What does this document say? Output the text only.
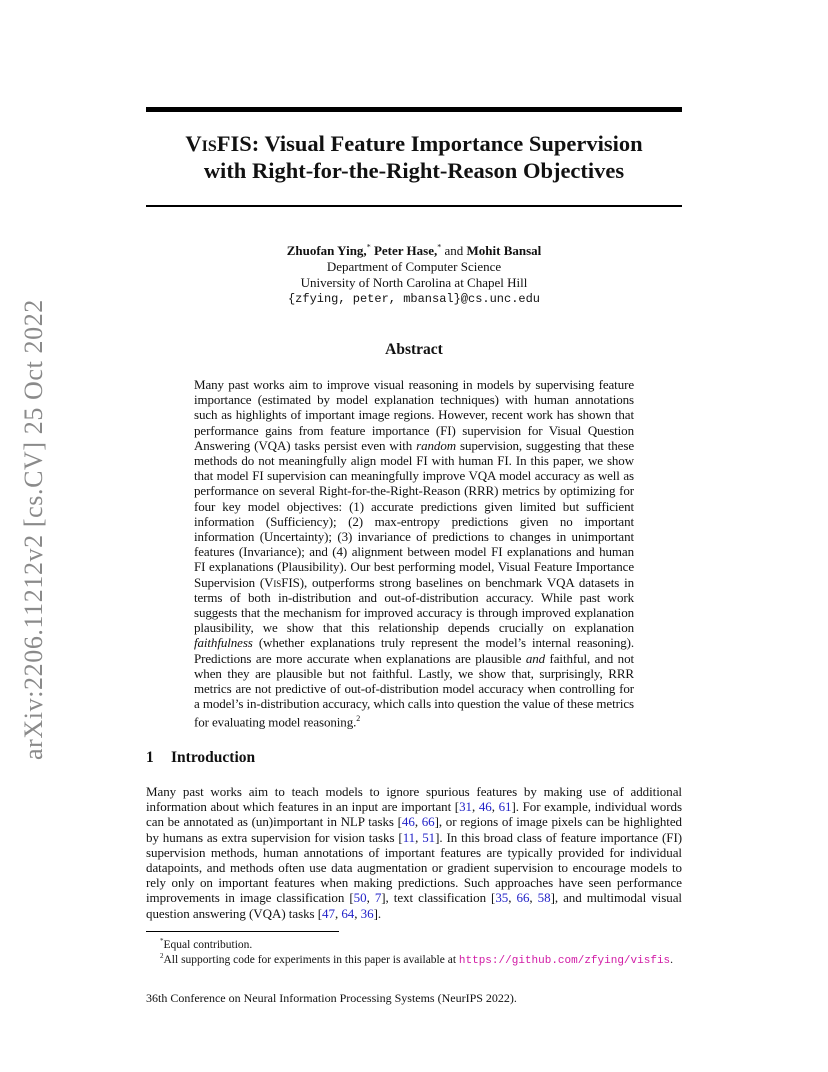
arXiv:2206.11212v2 [cs.CV] 25 Oct 2022
VisFIS: Visual Feature Importance Supervision
with Right-for-the-Right-Reason Objectives
Zhuofan Ying,* Peter Hase,* and Mohit Bansal
Department of Computer Science
University of North Carolina at Chapel Hill
{zfying, peter, mbansal}@cs.unc.edu
Abstract
Many past works aim to improve visual reasoning in models by supervising feature importance (estimated by model explanation techniques) with human annotations such as highlights of important image regions. However, recent work has shown that performance gains from feature importance (FI) supervision for Visual Question Answering (VQA) tasks persist even with random supervision, suggesting that these methods do not meaningfully align model FI with human FI. In this paper, we show that model FI supervision can meaningfully improve VQA model accuracy as well as performance on several Right-for-the-Right-Reason (RRR) metrics by optimizing for four key model objectives: (1) accurate predictions given limited but sufficient information (Sufficiency); (2) max-entropy predictions given no important information (Uncertainty); (3) invariance of predictions to changes in unimportant features (Invariance); and (4) alignment between model FI explanations and human FI explanations (Plausibility). Our best performing model, Visual Feature Importance Supervision (VisFIS), outperforms strong baselines on benchmark VQA datasets in terms of both in-distribution and out-of-distribution accuracy. While past work suggests that the mechanism for improved accuracy is through improved explanation plausibility, we show that this relationship depends crucially on explanation faithfulness (whether explanations truly represent the model’s internal reasoning). Predictions are more accurate when explanations are plausible and faithful, and not when they are plausible but not faithful. Lastly, we show that, surprisingly, RRR metrics are not predictive of out-of-distribution model accuracy when controlling for a model’s in-distribution accuracy, which calls into question the value of these metrics for evaluating model reasoning.$^2$
1 Introduction
Many past works aim to teach models to ignore spurious features by making use of additional information about which features in an input are important [31, 46, 61]. For example, individual words can be annotated as (un)important in NLP tasks [46, 66], or regions of image pixels can be highlighted by humans as extra supervision for vision tasks [11, 51]. In this broad class of feature importance (FI) supervision methods, human annotations of important features are typically provided for individual datapoints, and methods often use data augmentation or gradient supervision to encourage models to rely only on important features when making predictions. Such approaches have seen performance improvements in image classification [50, 7], text classification [35, 66, 58], and multimodal visual question answering (VQA) tasks [47, 64, 36].
*Equal contribution.
$^2$All supporting code for experiments in this paper is available at https://github.com/zfying/visfis.
36th Conference on Neural Information Processing Systems (NeurIPS 2022).
